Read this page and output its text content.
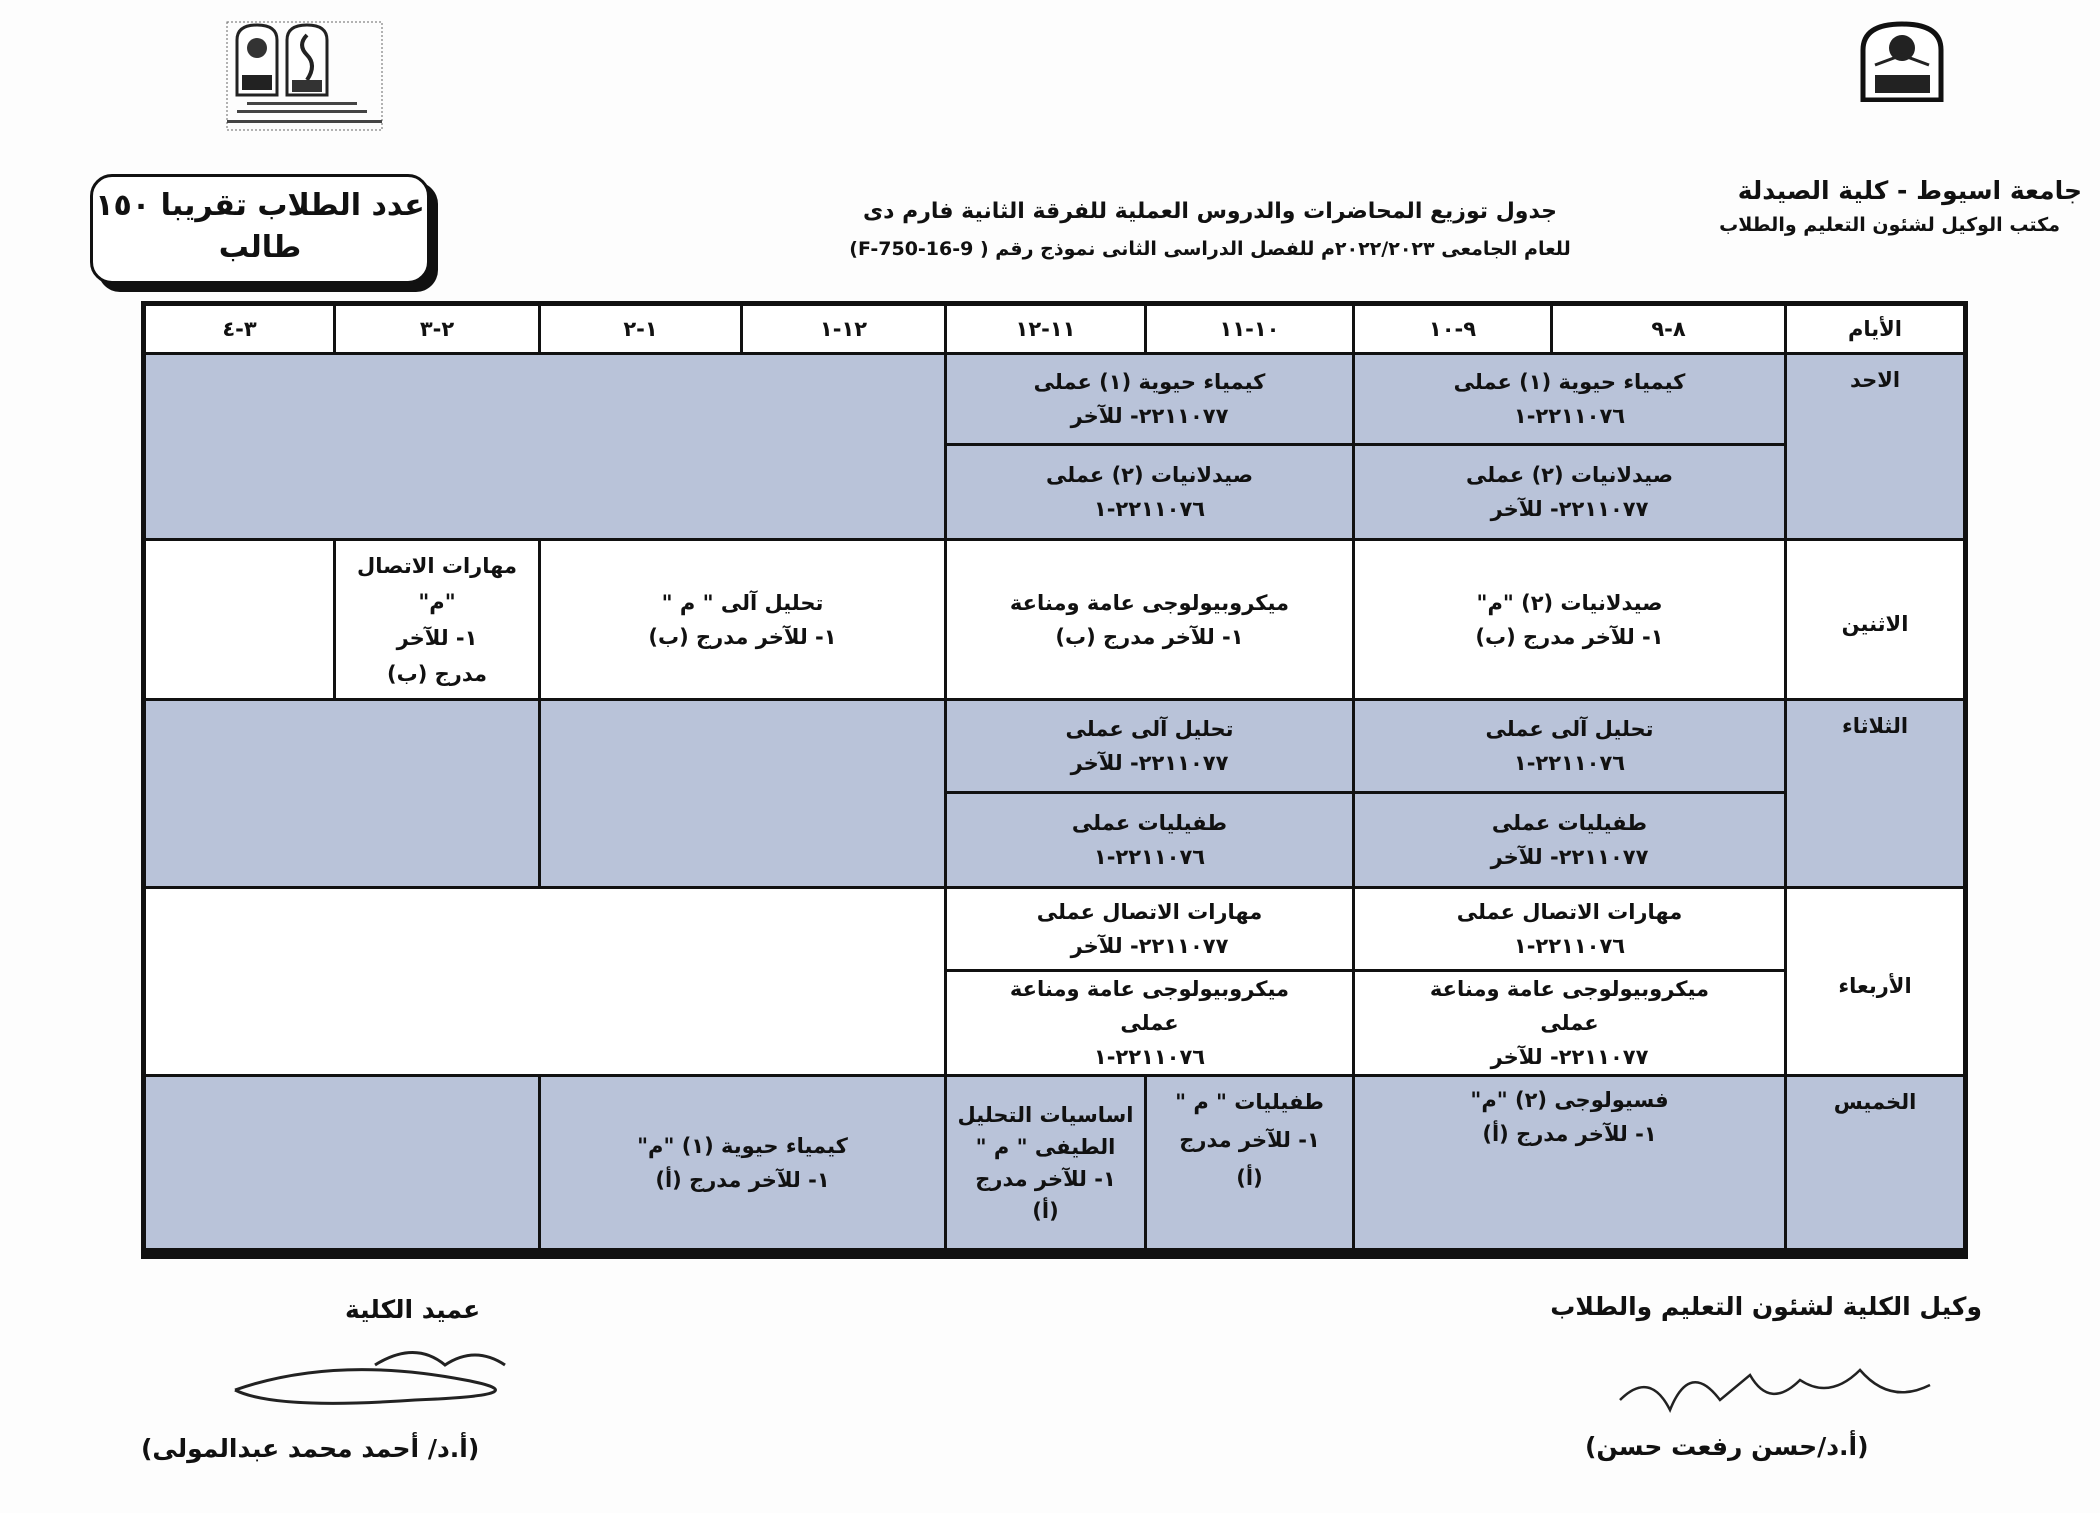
جامعة اسيوط - كلية الصيدلة
مكتب الوكيل لشئون التعليم والطلاب
جدول توزيع المحاضرات والدروس العملية للفرقة الثانية فارم دى
للعام الجامعى ٢٠٢٢/٢٠٢٣م للفصل الدراسى الثانى نموذج رقم ( F-750-16-9)
عدد الطلاب تقريبا ١٥٠
طالب
الأيام
٨-٩
٩-١٠
١٠-١١
١١-١٢
١٢-١
١-٢
٢-٣
٣-٤
الاحد
كيمياء حيوية (١) عملى
٢٢١١٠٧٦-١
صيدلانيات (٢) عملى
٢٢١١٠٧٧- للآخر
كيمياء حيوية (١) عملى
٢٢١١٠٧٧- للآخر
صيدلانيات (٢) عملى
٢٢١١٠٧٦-١
الاثنين
صيدلانيات (٢) "م"
١- للآخر مدرج (ب)
ميكروبيولوجى عامة ومناعة
١- للآخر مدرج (ب)
تحليل آلى " م "
١- للآخر مدرج (ب)
مهارات الاتصال
"م"
١- للآخر
مدرج (ب)
الثلاثاء
تحليل آلى عملى
٢٢١١٠٧٦-١
طفيليات عملى
٢٢١١٠٧٧- للآخر
تحليل آلى عملى
٢٢١١٠٧٧- للآخر
طفيليات عملى
٢٢١١٠٧٦-١
الأربعاء
مهارات الاتصال عملى
٢٢١١٠٧٦-١
ميكروبيولوجى عامة ومناعة
عملى
٢٢١١٠٧٧- للآخر
مهارات الاتصال عملى
٢٢١١٠٧٧- للآخر
ميكروبيولوجى عامة ومناعة
عملى
٢٢١١٠٧٦-١
الخميس
فسيولوجى (٢) "م"
١- للآخر مدرج (أ)
طفيليات " م "
١- للآخر مدرج
(أ)
اساسيات التحليل
الطيفى " م "
١- للآخر مدرج
(أ)
كيمياء حيوية (١) "م"
١- للآخر مدرج (أ)
وكيل الكلية لشئون التعليم والطلاب
(أ.د/حسن رفعت حسن)
عميد الكلية
(أ.د/ أحمد محمد عبدالمولى)
